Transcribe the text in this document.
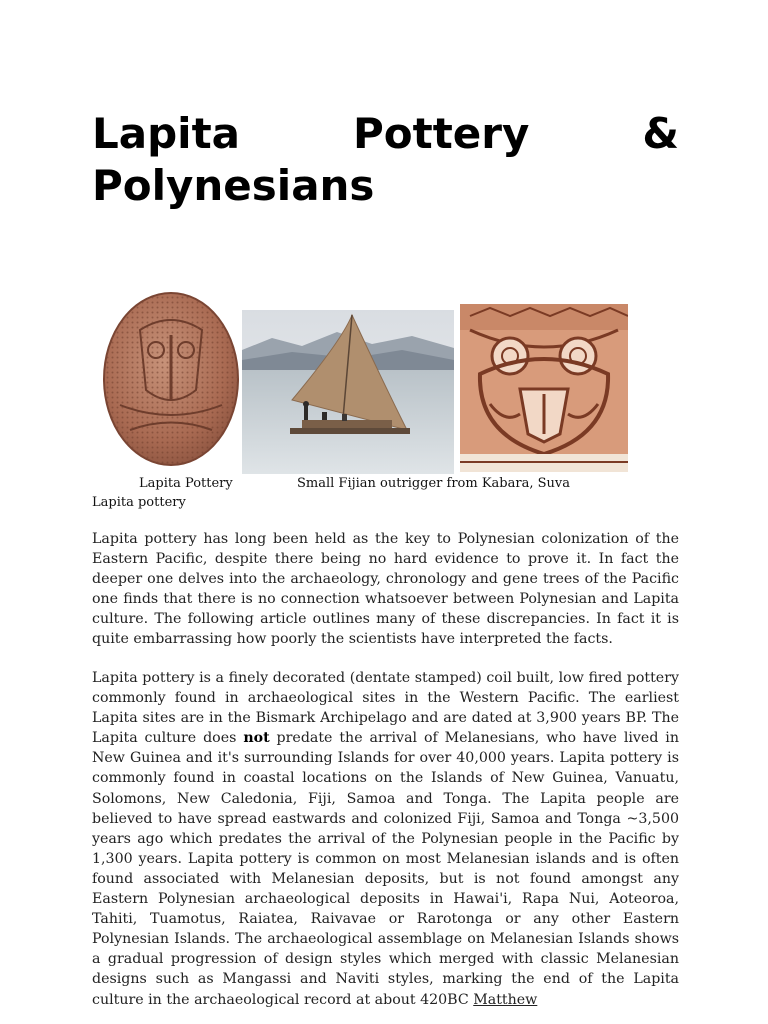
Lapita	Pottery	&
Polynesians
Lapita Pottery	Small Fijian outrigger from Kabara, Suva
Lapita pottery

Lapita pottery has long been held as the key to Polynesian colonization of the Eastern Pacific, despite there being no hard evidence to prove it. In fact the deeper one delves into the archaeology, chronology and gene trees of the Pacific one finds that there is no connection whatsoever between Polynesian and Lapita culture. The following article outlines many of these discrepancies. In fact it is quite embarrassing how poorly the scientists have interpreted the facts.

Lapita pottery is a finely decorated (dentate stamped) coil built, low fired pottery commonly found in archaeological sites in the Western Pacific. The earliest Lapita sites are in the Bismark Archipelago and are dated at 3,900 years BP. The Lapita culture does not predate the arrival of Melanesians, who have lived in New Guinea and it's surrounding Islands for over 40,000 years. Lapita pottery is commonly found in coastal locations on the Islands of New Guinea, Vanuatu, Solomons, New Caledonia, Fiji, Samoa and Tonga. The Lapita people are believed to have spread eastwards and colonized Fiji, Samoa and Tonga ~3,500 years ago which predates the arrival of the Polynesian people in the Pacific by 1,300 years. Lapita pottery is common on most Melanesian islands and is often found associated with Melanesian deposits, but is not found amongst any Eastern Polynesian archaeological deposits in Hawai'i, Rapa Nui, Aoteoroa, Tahiti, Tuamotus, Raiatea, Raivavae or Rarotonga or any other Eastern Polynesian Islands. The archaeological assemblage on Melanesian Islands shows a gradual progression of design styles which merged with classic Melanesian designs such as Mangassi and Naviti styles, marking the end of the Lapita culture in the archaeological record at about 420BC Matthew
